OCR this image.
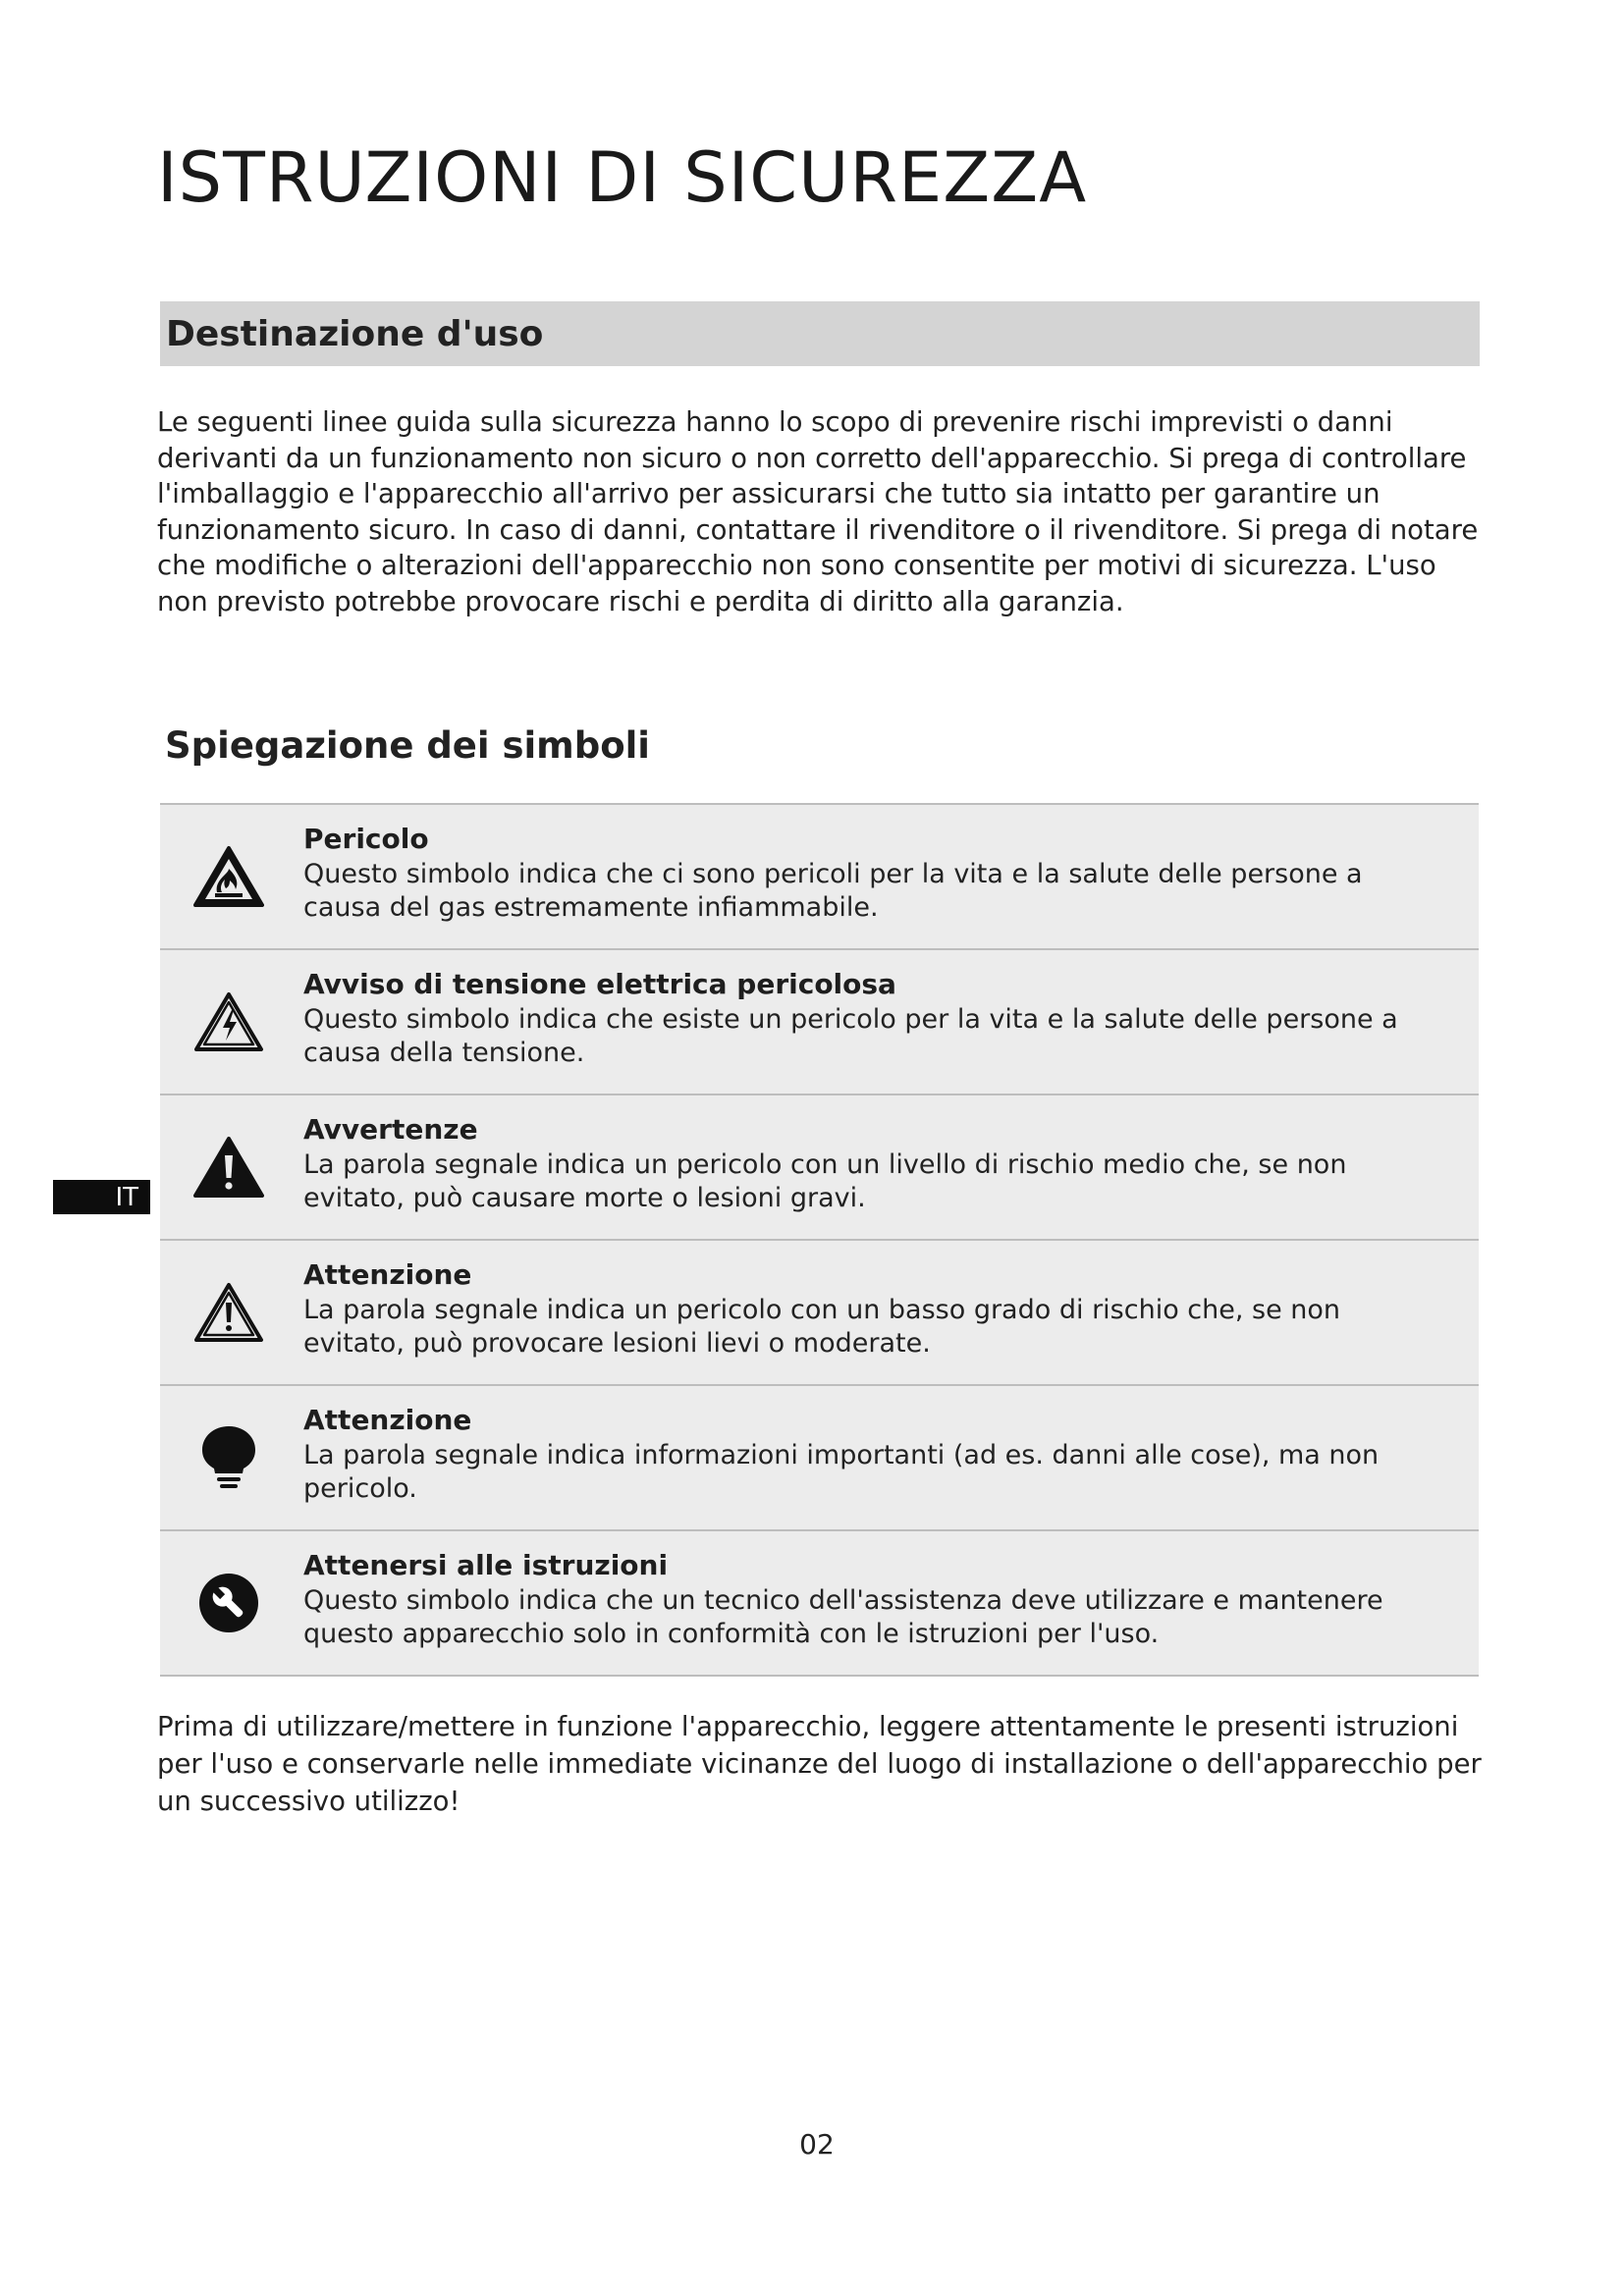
ISTRUZIONI DI SICUREZZA
Destinazione d'uso

Le seguenti linee guida sulla sicurezza hanno lo scopo di prevenire rischi imprevisti o danni derivanti da un funzionamento non sicuro o non corretto dell'apparecchio. Si prega di controllare l'imballaggio e l'apparecchio all'arrivo per assicurarsi che tutto sia intatto per garantire un funzionamento sicuro. In caso di danni, contattare il rivenditore o il rivenditore. Si prega di notare che modifiche o alterazioni dell'apparecchio non sono consentite per motivi di sicurezza. L'uso non previsto potrebbe provocare rischi e perdita di diritto alla garanzia.

Spiegazione dei simboli
Pericolo
Questo simbolo indica che ci sono pericoli per la vita e la salute delle persone a causa del gas estremamente infiammabile.
Avviso di tensione elettrica pericolosa
Questo simbolo indica che esiste un pericolo per la vita e la salute delle persone a causa della tensione.
Avvertenze
La parola segnale indica un pericolo con un livello di rischio medio che, se non evitato, può causare morte o lesioni gravi.
Attenzione
La parola segnale indica un pericolo con un basso grado di rischio che, se non evitato, può provocare lesioni lievi o moderate.
Attenzione
La parola segnale indica informazioni importanti (ad es. danni alle cose), ma non pericolo.
Attenersi alle istruzioni
Questo simbolo indica che un tecnico dell'assistenza deve utilizzare e mantenere questo apparecchio solo in conformità con le istruzioni per l'uso.

Prima di utilizzare/mettere in funzione l'apparecchio, leggere attentamente le presenti istruzioni per l'uso e conservarle nelle immediate vicinanze del luogo di installazione o dell'apparecchio per un successivo utilizzo!

IT
02
